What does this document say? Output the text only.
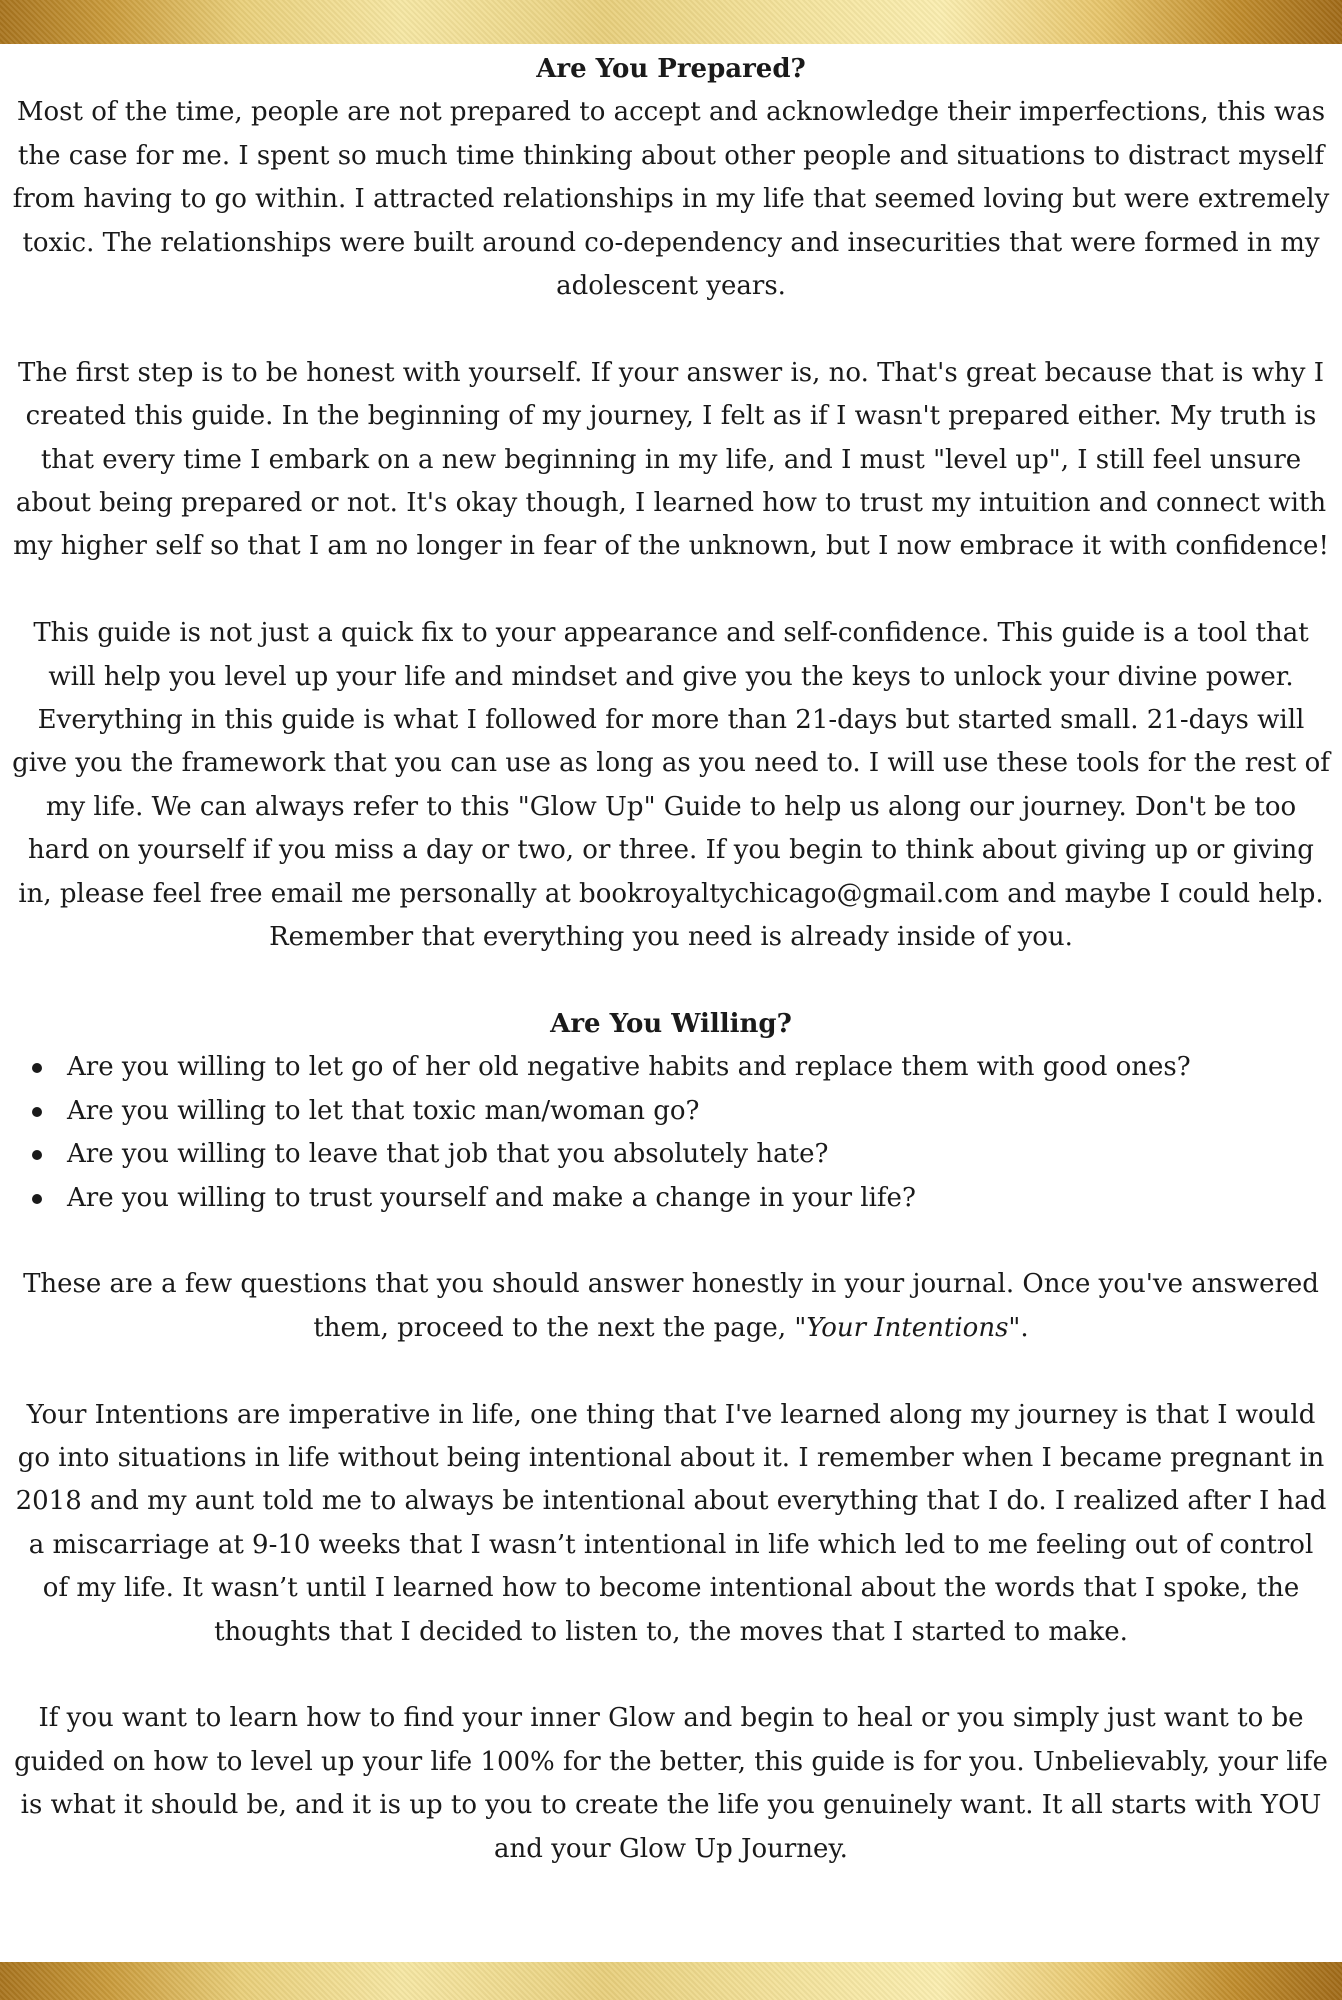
Are You Prepared?

Most of the time, people are not prepared to accept and acknowledge their imperfections, this was the case for me. I spent so much time thinking about other people and situations to distract myself from having to go within. I attracted relationships in my life that seemed loving but were extremely toxic. The relationships were built around co-dependency and insecurities that were formed in my adolescent years.

The first step is to be honest with yourself. If your answer is, no. That's great because that is why I created this guide. In the beginning of my journey, I felt as if I wasn't prepared either. My truth is that every time I embark on a new beginning in my life, and I must "level up", I still feel unsure about being prepared or not. It's okay though, I learned how to trust my intuition and connect with my higher self so that I am no longer in fear of the unknown, but I now embrace it with confidence!

This guide is not just a quick fix to your appearance and self-confidence. This guide is a tool that will help you level up your life and mindset and give you the keys to unlock your divine power. Everything in this guide is what I followed for more than 21-days but started small. 21-days will give you the framework that you can use as long as you need to. I will use these tools for the rest of my life. We can always refer to this "Glow Up" Guide to help us along our journey. Don't be too hard on yourself if you miss a day or two, or three. If you begin to think about giving up or giving in, please feel free email me personally at bookroyaltychicago@gmail.com and maybe I could help. Remember that everything you need is already inside of you.

Are You Willing?
Are you willing to let go of her old negative habits and replace them with good ones?
Are you willing to let that toxic man/woman go?
Are you willing to leave that job that you absolutely hate?
Are you willing to trust yourself and make a change in your life?

These are a few questions that you should answer honestly in your journal. Once you've answered them, proceed to the next the page, "Your Intentions".

Your Intentions are imperative in life, one thing that I've learned along my journey is that I would go into situations in life without being intentional about it. I remember when I became pregnant in 2018 and my aunt told me to always be intentional about everything that I do. I realized after I had a miscarriage at 9-10 weeks that I wasn’t intentional in life which led to me feeling out of control of my life. It wasn’t until I learned how to become intentional about the words that I spoke, the thoughts that I decided to listen to, the moves that I started to make.

If you want to learn how to find your inner Glow and begin to heal or you simply just want to be guided on how to level up your life 100% for the better, this guide is for you. Unbelievably, your life is what it should be, and it is up to you to create the life you genuinely want. It all starts with YOU and your Glow Up Journey.
